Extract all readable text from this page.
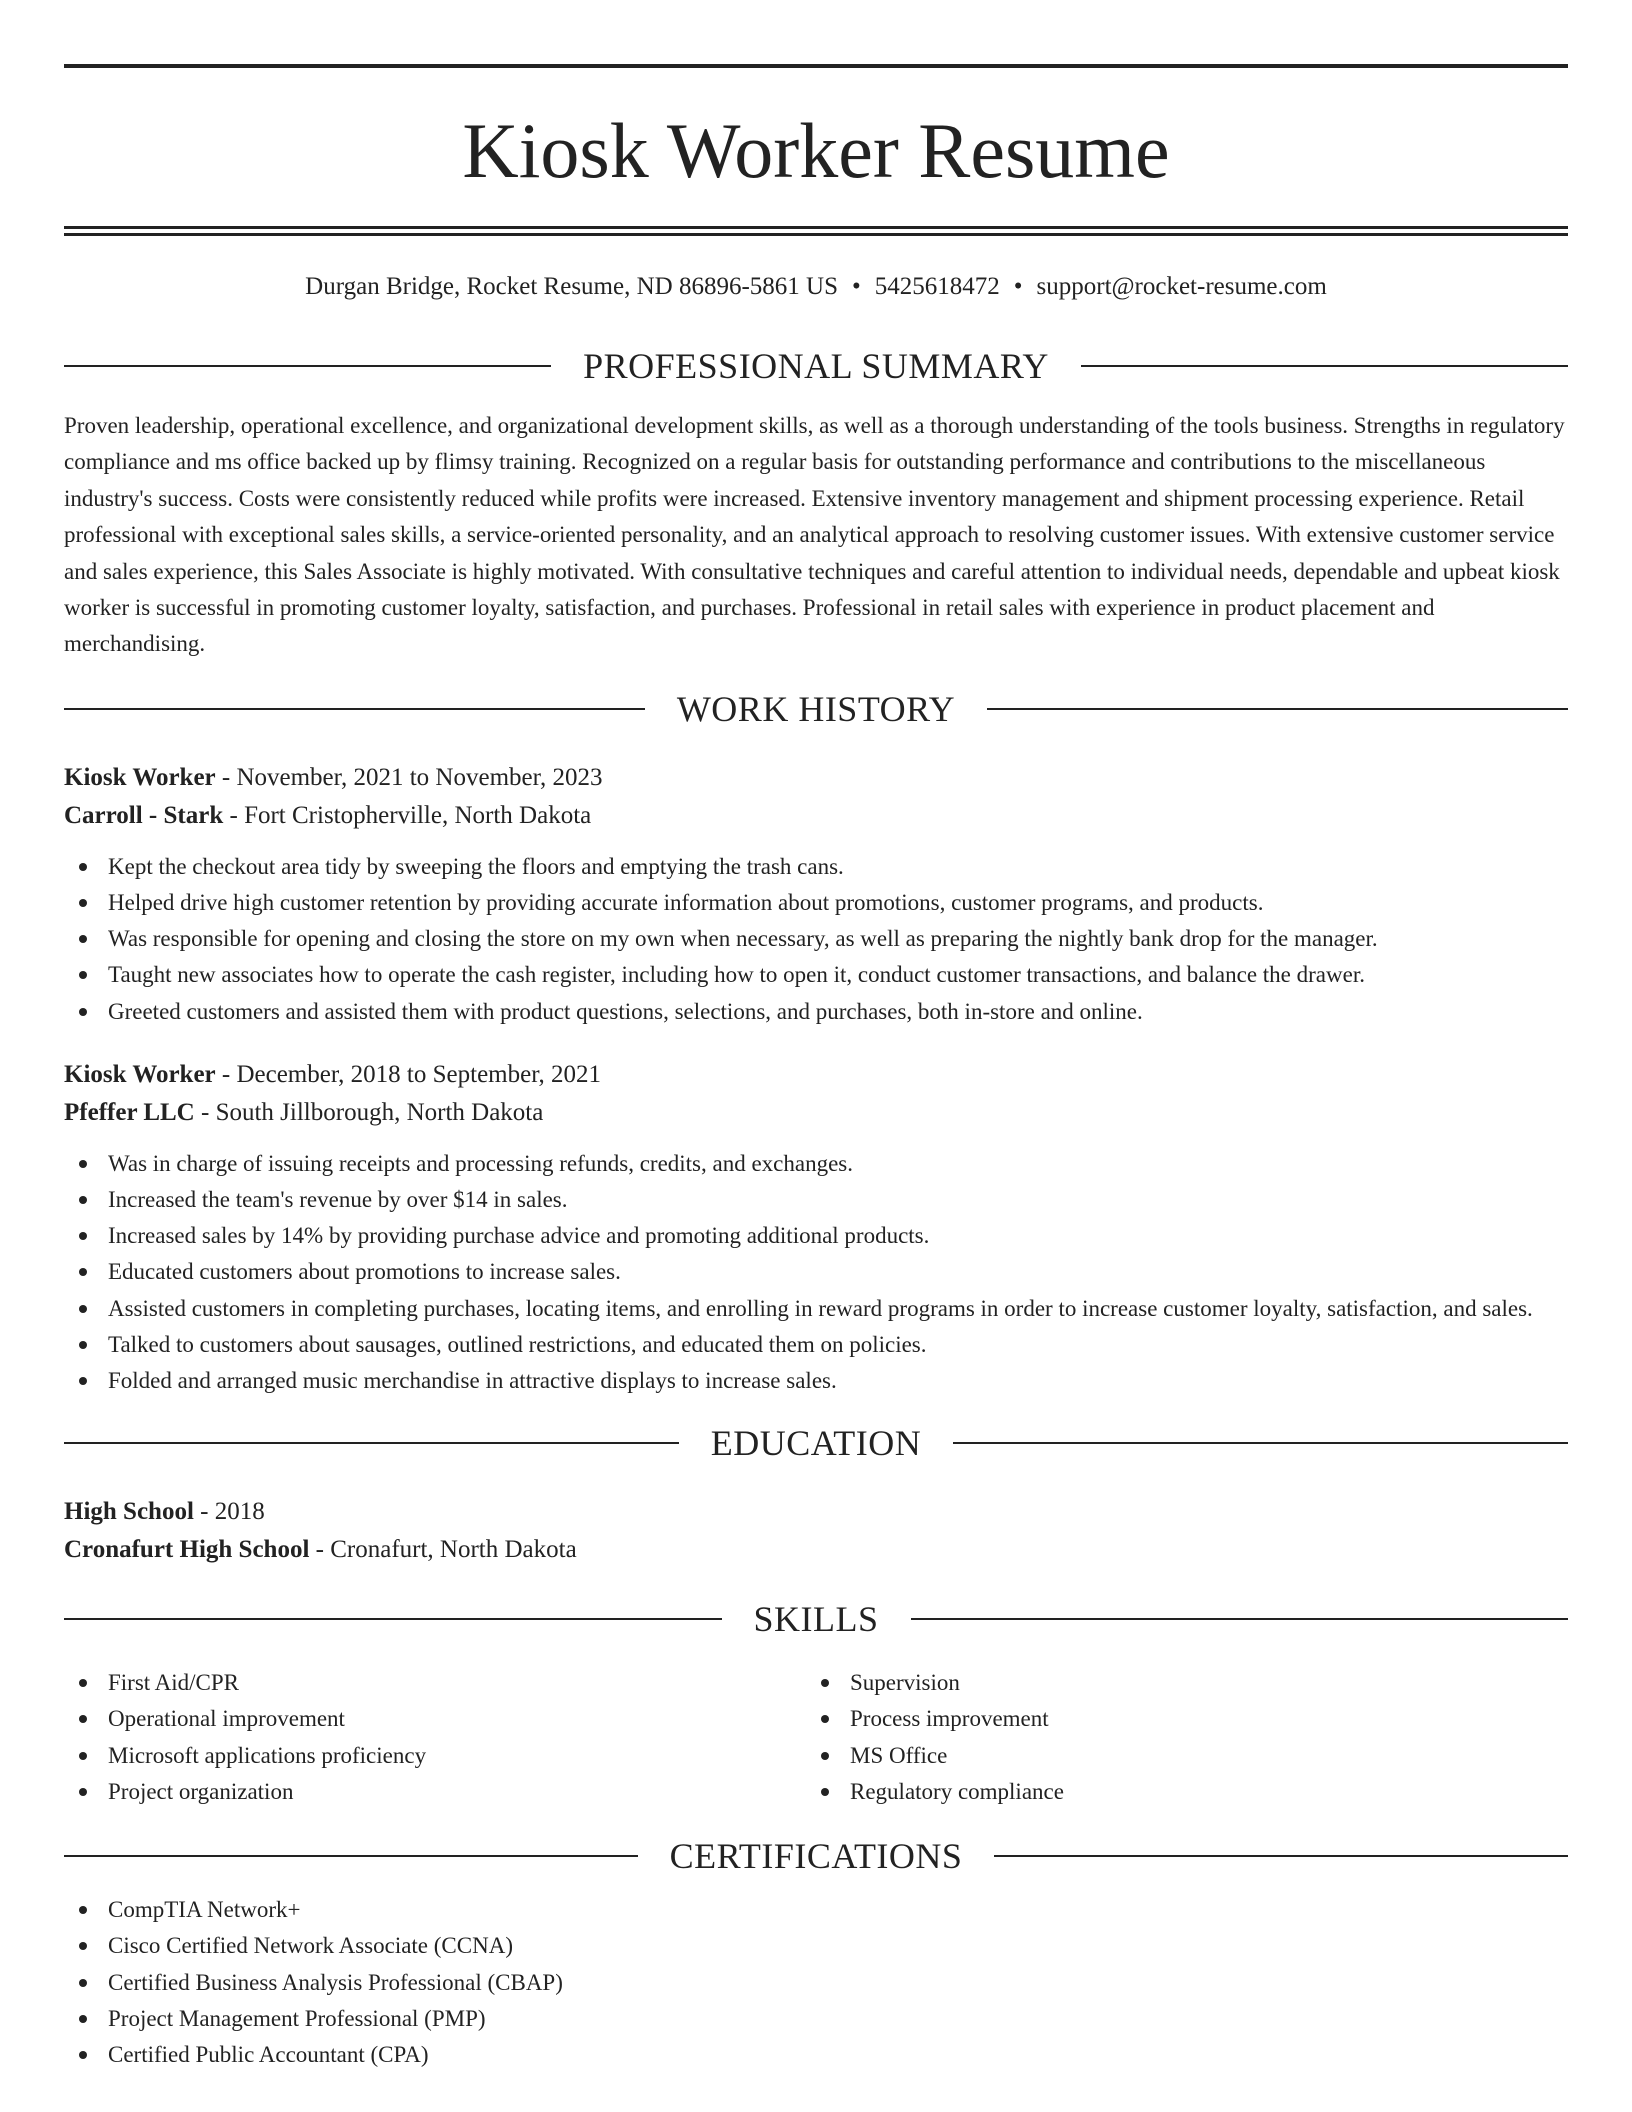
Kiosk Worker Resume
Durgan Bridge, Rocket Resume, ND 86896-5861 US • 5425618472 • support@rocket-resume.com
PROFESSIONAL SUMMARY

Proven leadership, operational excellence, and organizational development skills, as well as a thorough understanding of the tools business. Strengths in regulatory compliance and ms office backed up by flimsy training. Recognized on a regular basis for outstanding performance and contributions to the miscellaneous industry's success. Costs were consistently reduced while profits were increased. Extensive inventory management and shipment processing experience. Retail professional with exceptional sales skills, a service-oriented personality, and an analytical approach to resolving customer issues. With extensive customer service and sales experience, this Sales Associate is highly motivated. With consultative techniques and careful attention to individual needs, dependable and upbeat kiosk worker is successful in promoting customer loyalty, satisfaction, and purchases. Professional in retail sales with experience in product placement and merchandising.

WORK HISTORY
Kiosk Worker - November, 2021 to November, 2023
Carroll - Stark - Fort Cristopherville, North Dakota
Kept the checkout area tidy by sweeping the floors and emptying the trash cans.
Helped drive high customer retention by providing accurate information about promotions, customer programs, and products.
Was responsible for opening and closing the store on my own when necessary, as well as preparing the nightly bank drop for the manager.
Taught new associates how to operate the cash register, including how to open it, conduct customer transactions, and balance the drawer.
Greeted customers and assisted them with product questions, selections, and purchases, both in-store and online.
Kiosk Worker - December, 2018 to September, 2021
Pfeffer LLC - South Jillborough, North Dakota
Was in charge of issuing receipts and processing refunds, credits, and exchanges.
Increased the team's revenue by over $14 in sales.
Increased sales by 14% by providing purchase advice and promoting additional products.
Educated customers about promotions to increase sales.
Assisted customers in completing purchases, locating items, and enrolling in reward programs in order to increase customer loyalty, satisfaction, and sales.
Talked to customers about sausages, outlined restrictions, and educated them on policies.
Folded and arranged music merchandise in attractive displays to increase sales.
EDUCATION
High School - 2018
Cronafurt High School - Cronafurt, North Dakota
SKILLS
First Aid/CPR
Operational improvement
Microsoft applications proficiency
Project organization
Supervision
Process improvement
MS Office
Regulatory compliance
CERTIFICATIONS
CompTIA Network+
Cisco Certified Network Associate (CCNA)
Certified Business Analysis Professional (CBAP)
Project Management Professional (PMP)
Certified Public Accountant (CPA)
